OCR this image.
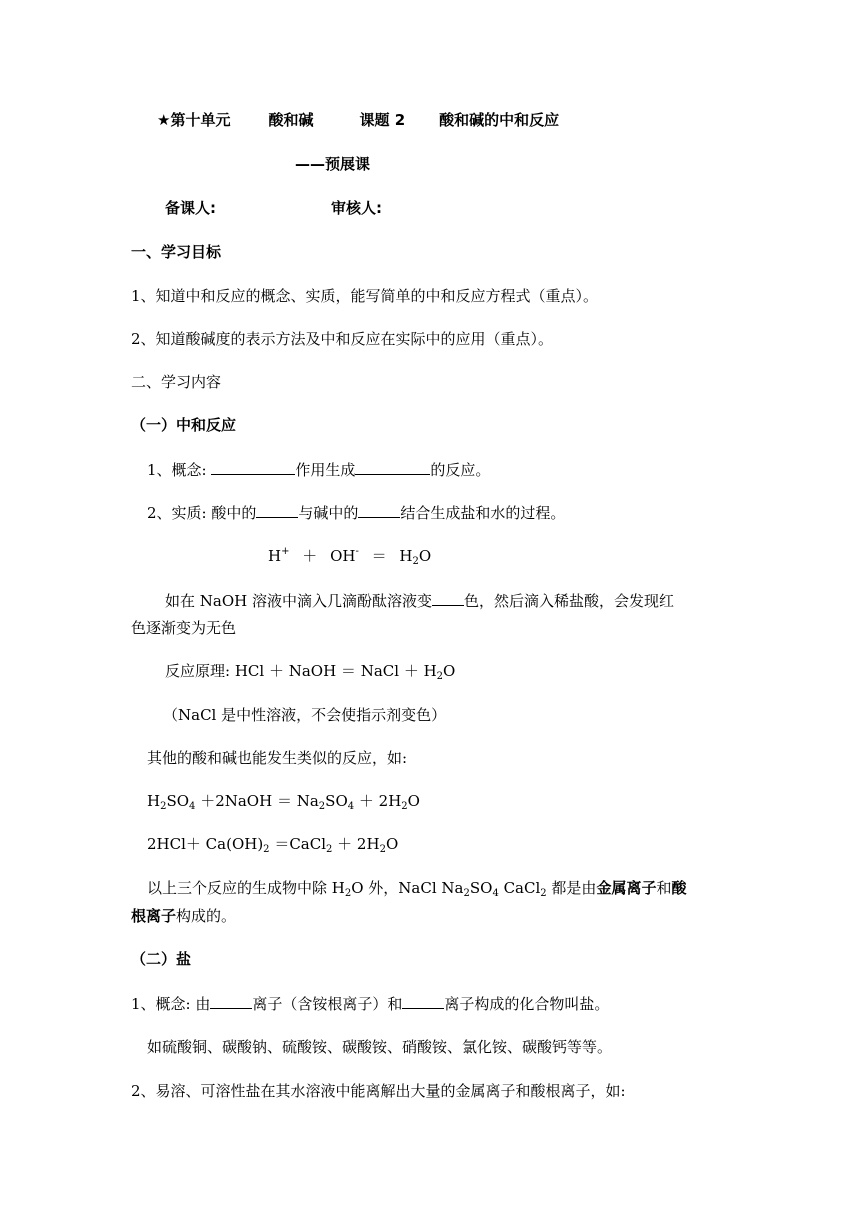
★第十单元	酸和碱	课题 2 酸和碱的中和反应
——预展课
备课人:	审核人:
一、学习目标
1、知道中和反应的概念、实质，能写简单的中和反应方程式（重点）。
2、知道酸碱度的表示方法及中和反应在实际中的应用（重点）。
二、学习内容
（一）中和反应
1、概念:	作用生成	的反应。
2、实质: 酸中的	与碱中的	结合生成盐和水的过程。
$H^+ + OH^- = H_2O$
如在 NaOH 溶液中滴入几滴酚酞溶液变 色，然后滴入稀盐酸，会发现红
色逐渐变为无色
反应原理: HCl ＋ NaOH ＝ NaCl ＋ $H_2O$
（NaCl 是中性溶液，不会使指示剂变色）
其他的酸和碱也能发生类似的反应，如:
$H_2SO_4$ ＋2NaOH ＝ $Na_2SO_4 + 2H_2O$
$2HCl+ Ca(OH)_2$ ＝CaCl$_2$ ＋ $2H_2O$
以上三个反应的生成物中除 $H_2O$ 外，NaCl $Na_2SO_4$ CaCl$_2$ 都是由金属离子和酸
根离子构成的。
（二）盐
1、概念: 由	离子（含铵根离子）和	离子构成的化合物叫盐。
如硫酸铜、碳酸钠、硫酸铵、碳酸铵、硝酸铵、氯化铵、碳酸钙等等。
2、易溶、可溶性盐在其水溶液中能离解出大量的金属离子和酸根离子，如:
